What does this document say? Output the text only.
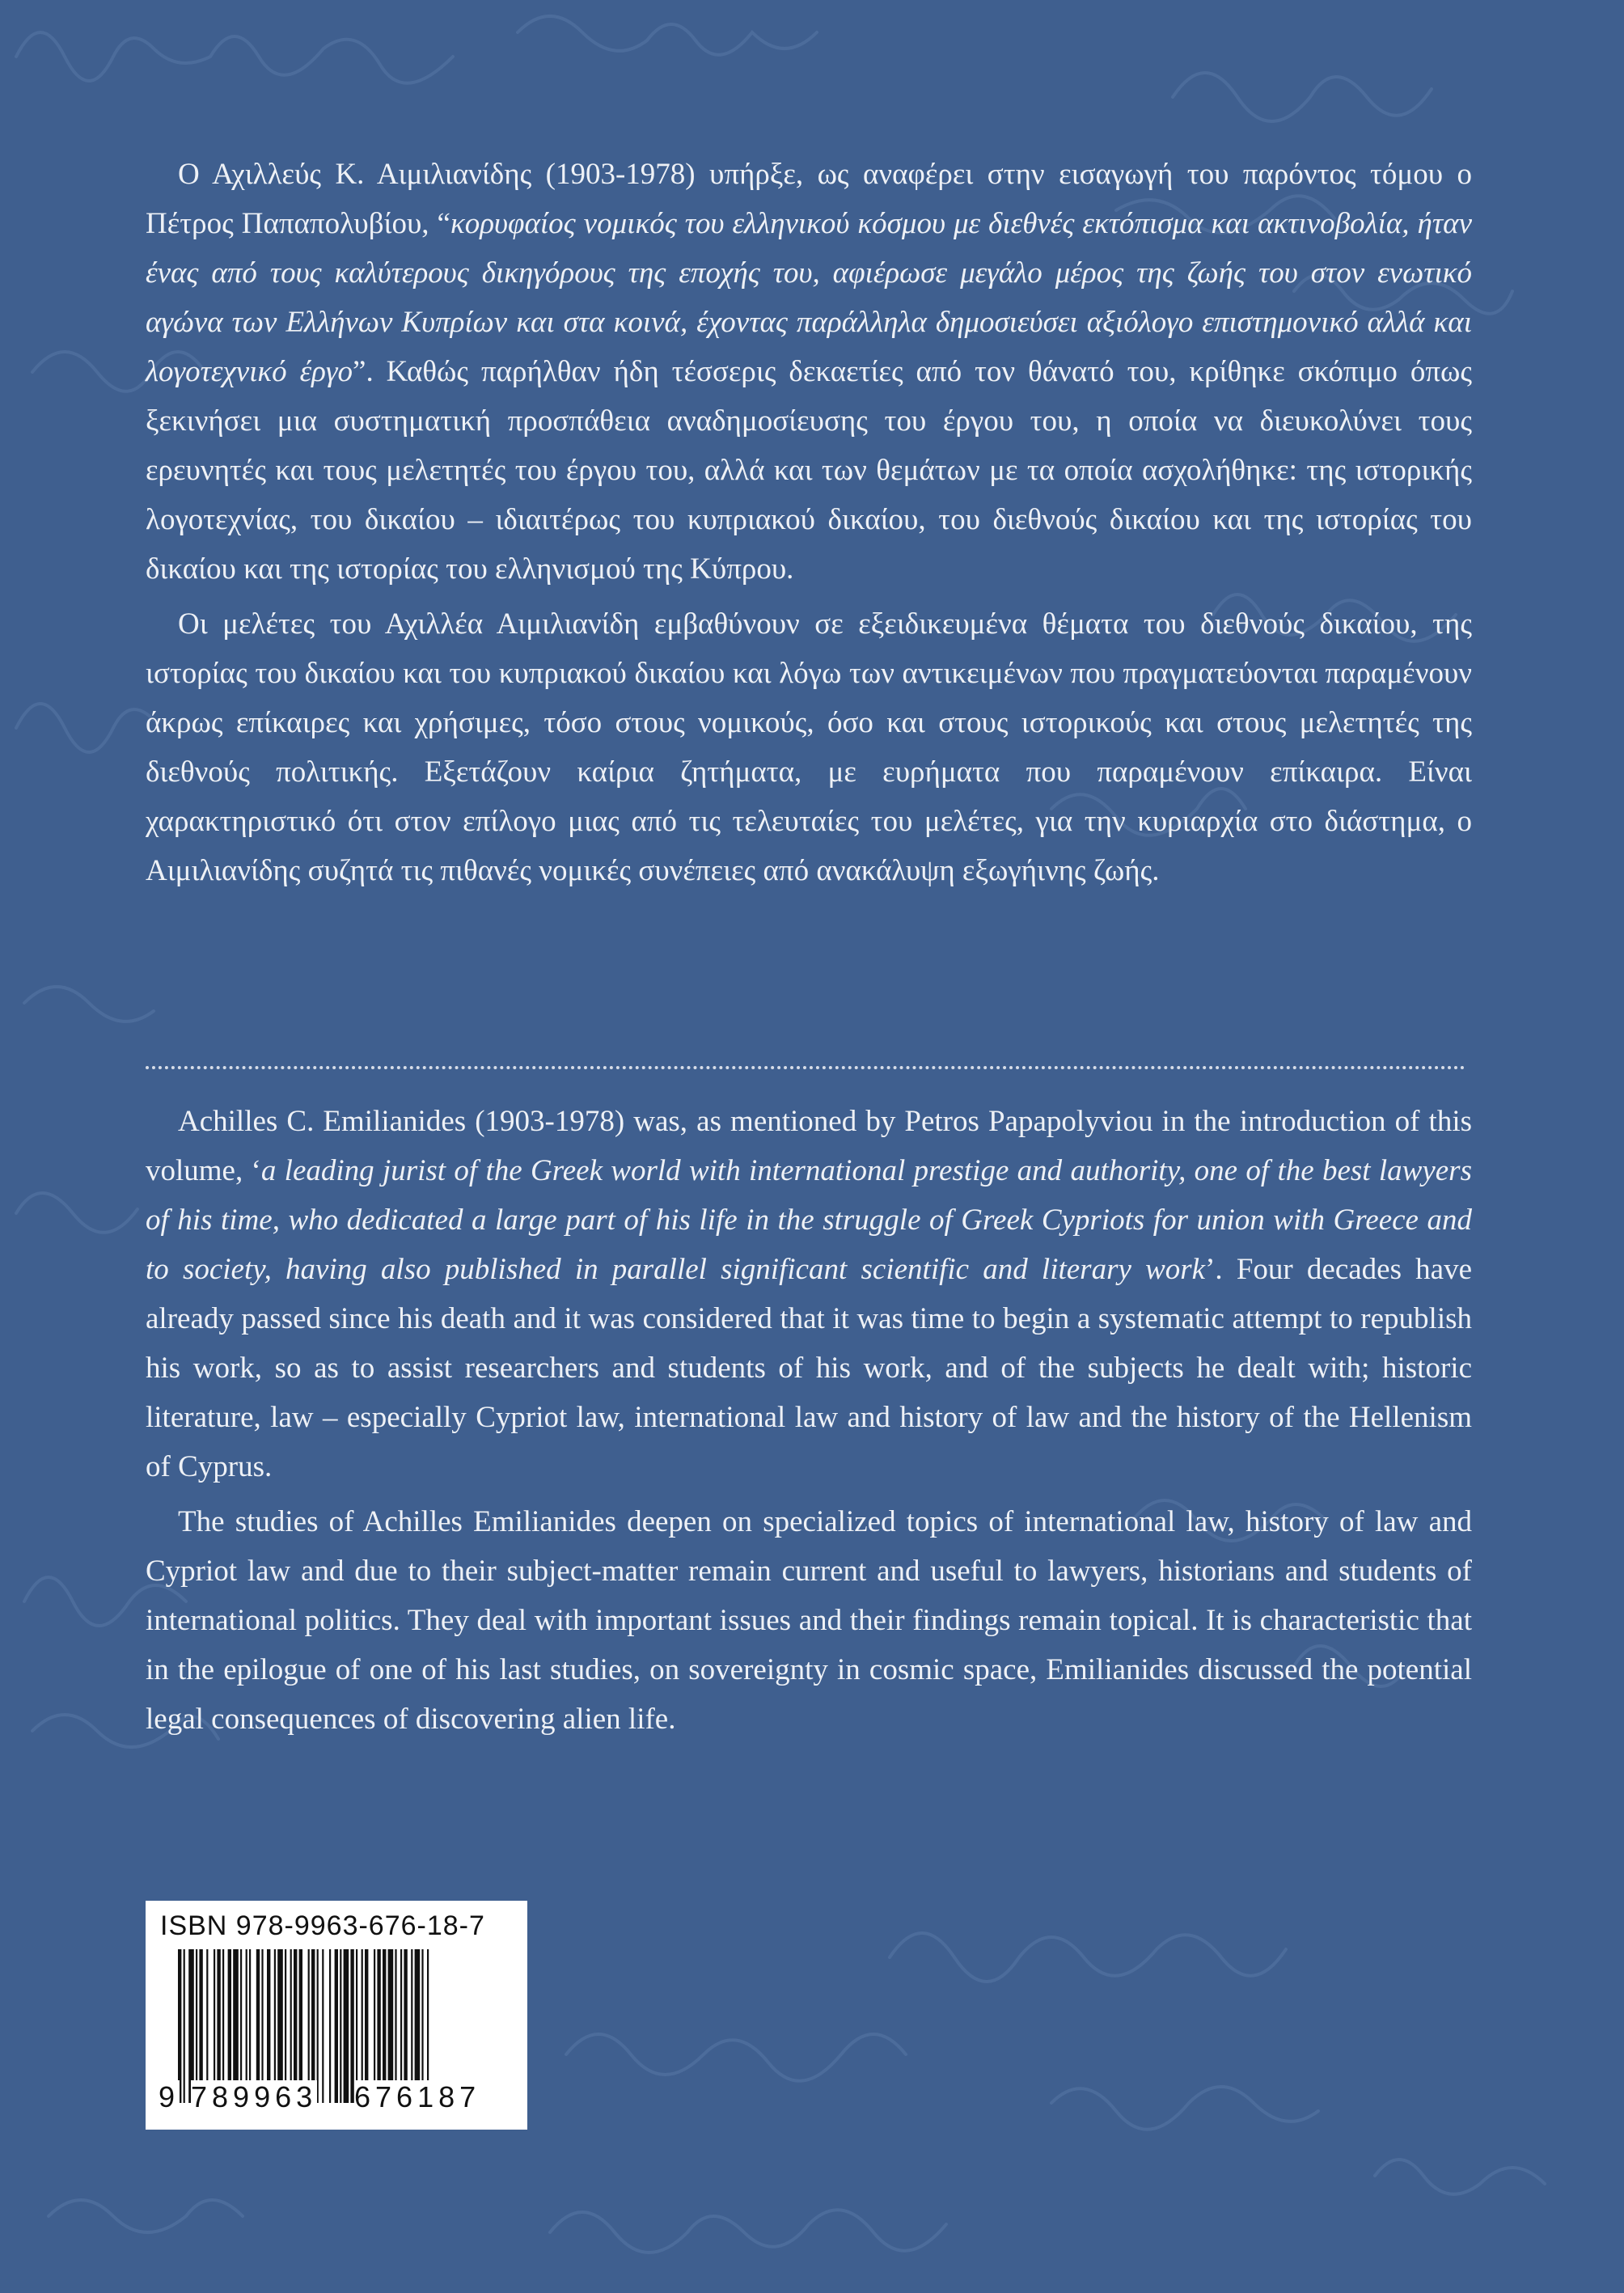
Ο Αχιλλεύς Κ. Αιμιλιανίδης (1903-1978) υπήρξε, ως αναφέρει στην εισαγωγή του παρόντος τόμου ο Πέτρος Παπαπολυβίου, “κορυφαίος νομικός του ελληνικού κόσμου με διεθνές εκτόπισμα και ακτινοβολία, ήταν ένας από τους καλύτερους δικηγόρους της εποχής του, αφιέρωσε μεγάλο μέρος της ζωής του στον ενωτικό αγώνα των Ελλήνων Κυπρίων και στα κοινά, έχοντας παράλληλα δημοσιεύσει αξιόλογο επιστημονικό αλλά και λογοτεχνικό έργο”. Καθώς παρήλθαν ήδη τέσσερις δεκαετίες από τον θάνατό του, κρίθηκε σκόπιμο όπως ξεκινήσει μια συστηματική προσπάθεια αναδημοσίευσης του έργου του, η οποία να διευκολύνει τους ερευνητές και τους μελετητές του έργου του, αλλά και των θεμάτων με τα οποία ασχολήθηκε: της ιστορικής λογοτεχνίας, του δικαίου – ιδιαιτέρως του κυπριακού δικαίου, του διεθνούς δικαίου και της ιστορίας του δικαίου και της ιστορίας του ελληνισμού της Κύπρου.

Οι μελέτες του Αχιλλέα Αιμιλιανίδη εμβαθύνουν σε εξειδικευμένα θέματα του διεθνούς δικαίου, της ιστορίας του δικαίου και του κυπριακού δικαίου και λόγω των αντικειμένων που πραγματεύονται παραμένουν άκρως επίκαιρες και χρήσιμες, τόσο στους νομικούς, όσο και στους ιστορικούς και στους μελετητές της διεθνούς πολιτικής. Εξετάζουν καίρια ζητήματα, με ευρήματα που παραμένουν επίκαιρα. Είναι χαρακτηριστικό ότι στον επίλογο μιας από τις τελευταίες του μελέτες, για την κυριαρχία στο διάστημα, ο Αιμιλιανίδης συζητά τις πιθανές νομικές συνέπειες από ανακάλυψη εξωγήινης ζωής.

Achilles C. Emilianides (1903-1978) was, as mentioned by Petros Papapolyviou in the introduction of this volume, ‘a leading jurist of the Greek world with international prestige and authority, one of the best lawyers of his time, who dedicated a large part of his life in the struggle of Greek Cypriots for union with Greece and to society, having also published in parallel significant scientific and literary work’. Four decades have already passed since his death and it was considered that it was time to begin a systematic attempt to republish his work, so as to assist researchers and students of his work, and of the subjects he dealt with; historic literature, law – especially Cypriot law, international law and history of law and the history of the Hellenism of Cyprus.

The studies of Achilles Emilianides deepen on specialized topics of international law, history of law and Cypriot law and due to their subject-matter remain current and useful to lawyers, historians and students of international politics. They deal with important issues and their findings remain topical. It is characteristic that in the epilogue of one of his last studies, on sovereignty in cosmic space, Emilianides discussed the potential legal consequences of discovering alien life.

ISBN 978-9963-676-18-7
9 789963 676187
